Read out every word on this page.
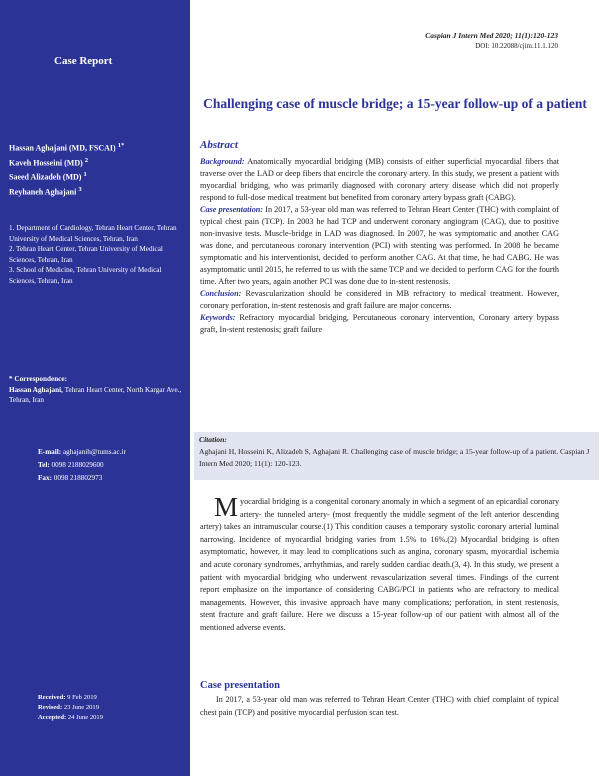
Case Report
Hassan Aghajani (MD, FSCAI) $^{1*}$
Kaveh Hosseini (MD) $^2$
Saeed Alizadeh (MD) $^1$
Reyhaneh Aghajani $^3$
1. Department of Cardiology, Tehran Heart Center, Tehran University of Medical Sciences, Tehran, Iran
2. Tehran Heart Center, Tehran University of Medical Sciences, Tehran, Iran
3. School of Medicine, Tehran University of Medical Sciences, Tehran, Iran
* Correspondence:
Hassan Aghajani, Tehran Heart Center, North Kargar Ave., Tehran, Iran
E-mail: aghajanih@tums.ac.ir
Tel: 0098 2188029600
Fax: 0098 218802973
Received: 9 Feb 2019
Revised: 23 June 2019
Accepted: 24 June 2019
Caspian J Intern Med 2020; 11(1):120-123
DOI: 10.22088/cjim.11.1.120
Challenging case of muscle bridge; a 15-year follow-up of a patient
Abstract

Background: Anatomically myocardial bridging (MB) consists of either superficial myocardial fibers that traverse over the LAD or deep fibers that encircle the coronary artery. In this study, we present a patient with myocardial bridging, who was primarily diagnosed with coronary artery disease which did not properly respond to full-dose medical treatment but benefited from coronary artery bypass graft (CABG).

Case presentation: In 2017, a 53-year old man was referred to Tehran Heart Center (THC) with complaint of typical chest pain (TCP). In 2003 he had TCP and underwent coronary angiogram (CAG), due to positive non-invasive tests. Muscle-bridge in LAD was diagnosed. In 2007, he was symptomatic and another CAG was done, and percutaneous coronary intervention (PCI) with stenting was performed. In 2008 he became symptomatic and his interventionist, decided to perform another CAG. At that time, he had CABG. He was asymptomatic until 2015, he referred to us with the same TCP and we decided to perform CAG for the fourth time. After two years, again another PCI was done due to in-stent restenosis.

Conclusion: Revascularization should be considered in MB refractory to medical treatment. However, coronary perforation, in-stent restenosis and graft failure are major concerns.

Keywords: Refractory myocardial bridging, Percutaneous coronary intervention, Coronary artery bypass graft, In-stent restenosis; graft failure

Citation:
Aghajani H, Hosseini K, Alizadeh S, Aghajani R. Challenging case of muscle bridge; a 15-year follow-up of a patient. Caspian J Intern Med 2020; 11(1): 120-123.
Myocardial bridging is a congenital coronary anomaly in which a segment of an epicardial coronary artery- the tunneled artery- (most frequently the middle segment of the left anterior descending artery) takes an intramuscular course.(1) This condition causes a temporary systolic coronary arterial luminal narrowing. Incidence of myocardial bridging varies from 1.5% to 16%.(2) Myocardial bridging is often asymptomatic, however, it may lead to complications such as angina, coronary spasm, myocardial ischemia and acute coronary syndromes, arrhythmias, and rarely sudden cardiac death.(3, 4). In this study, we present a patient with myocardial bridging who underwent revascularization several times. Findings of the current report emphasize on the importance of considering CABG/PCI in patients who are refractory to medical managements. However, this invasive approach have many complications; perforation, in stent restenosis, stent fracture and graft failure. Here we discuss a 15-year follow-up of our patient with almost all of the mentioned adverse events.
Case presentation
In 2017, a 53-year old man was referred to Tehran Heart Center (THC) with chief complaint of typical chest pain (TCP) and positive myocardial perfusion scan test.
